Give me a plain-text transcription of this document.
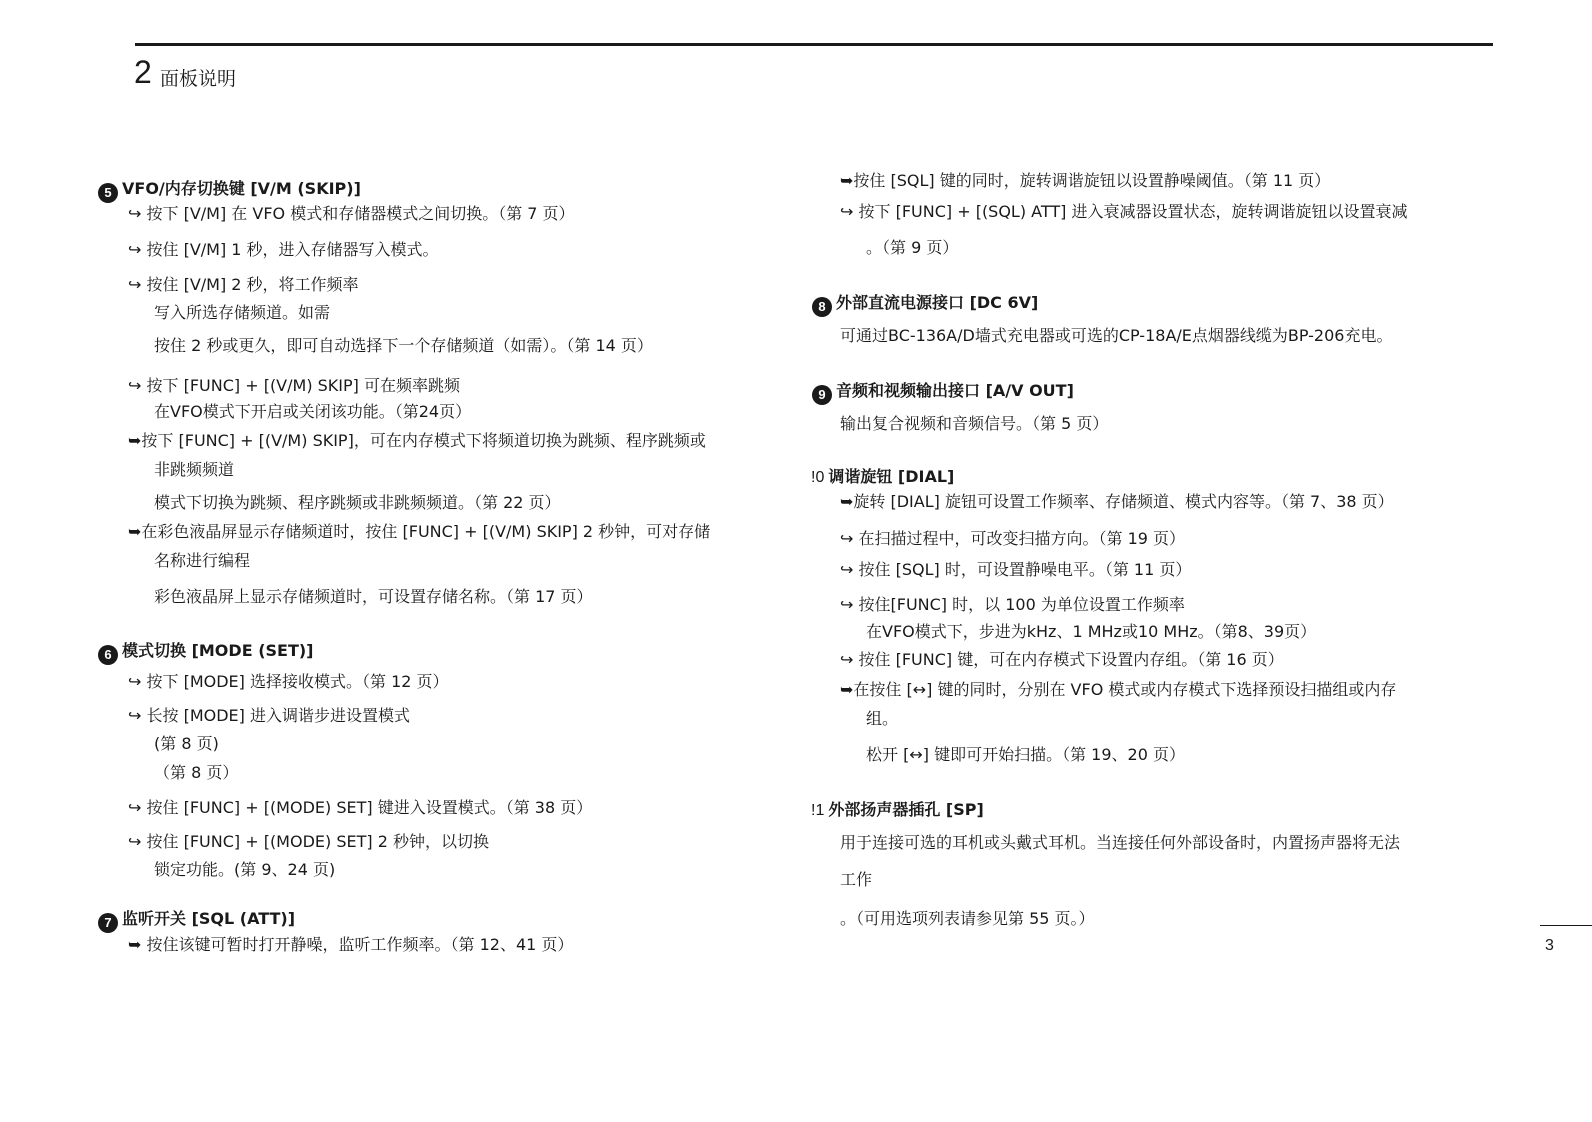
2 面板说明
5 VFO/内存切换键 [V/M (SKIP)]
↪ 按下 [V/M] 在 VFO 模式和存储器模式之间切换。（第 7 页）
↪ 按住 [V/M] 1 秒，进入存储器写入模式。
↪ 按住 [V/M] 2 秒，将工作频率
写入所选存储频道。如需
按住 2 秒或更久，即可自动选择下一个存储频道（如需）。（第 14 页）
↪ 按下 [FUNC] + [(V/M) SKIP] 可在频率跳频
在VFO模式下开启或关闭该功能。（第24页）
➥按下 [FUNC] + [(V/M) SKIP]，可在内存模式下将频道切换为跳频、程序跳频或
非跳频频道
模式下切换为跳频、程序跳频或非跳频频道。（第 22 页）
➥在彩色液晶屏显示存储频道时，按住 [FUNC] + [(V/M) SKIP] 2 秒钟，可对存储
名称进行编程
彩色液晶屏上显示存储频道时，可设置存储名称。（第 17 页）
6 模式切换 [MODE (SET)]
↪ 按下 [MODE] 选择接收模式。（第 12 页）
↪ 长按 [MODE] 进入调谐步进设置模式
(第 8 页)
（第 8 页）
↪ 按住 [FUNC] + [(MODE) SET] 键进入设置模式。（第 38 页）
↪ 按住 [FUNC] + [(MODE) SET] 2 秒钟，以切换
锁定功能。(第 9、24 页)
7 监听开关 [SQL (ATT)]
➥ 按住该键可暂时打开静噪，监听工作频率。（第 12、41 页）
➥按住 [SQL] 键的同时，旋转调谐旋钮以设置静噪阈值。（第 11 页）
↪ 按下 [FUNC] + [(SQL) ATT] 进入衰减器设置状态，旋转调谐旋钮以设置衰减
。（第 9 页）
8 外部直流电源接口 [DC 6V]
可通过BC-136A/D墙式充电器或可选的CP-18A/E点烟器线缆为BP-206充电。
9 音频和视频输出接口 [A/V OUT]
输出复合视频和音频信号。（第 5 页）
!0 调谐旋钮 [DIAL]
➥旋转 [DIAL] 旋钮可设置工作频率、存储频道、模式内容等。（第 7、38 页）
↪ 在扫描过程中，可改变扫描方向。（第 19 页）
↪ 按住 [SQL] 时，可设置静噪电平。（第 11 页）
↪ 按住[FUNC] 时，以 100 为单位设置工作频率
在VFO模式下，步进为kHz、1 MHz或10 MHz。（第8、39页）
↪ 按住 [FUNC] 键，可在内存模式下设置内存组。（第 16 页）
➥在按住 [↔] 键的同时，分别在 VFO 模式或内存模式下选择预设扫描组或内存
组。
松开 [↔] 键即可开始扫描。（第 19、20 页）
!1 外部扬声器插孔 [SP]
用于连接可选的耳机或头戴式耳机。当连接任何外部设备时，内置扬声器将无法
工作
。（可用选项列表请参见第 55 页。）
3
